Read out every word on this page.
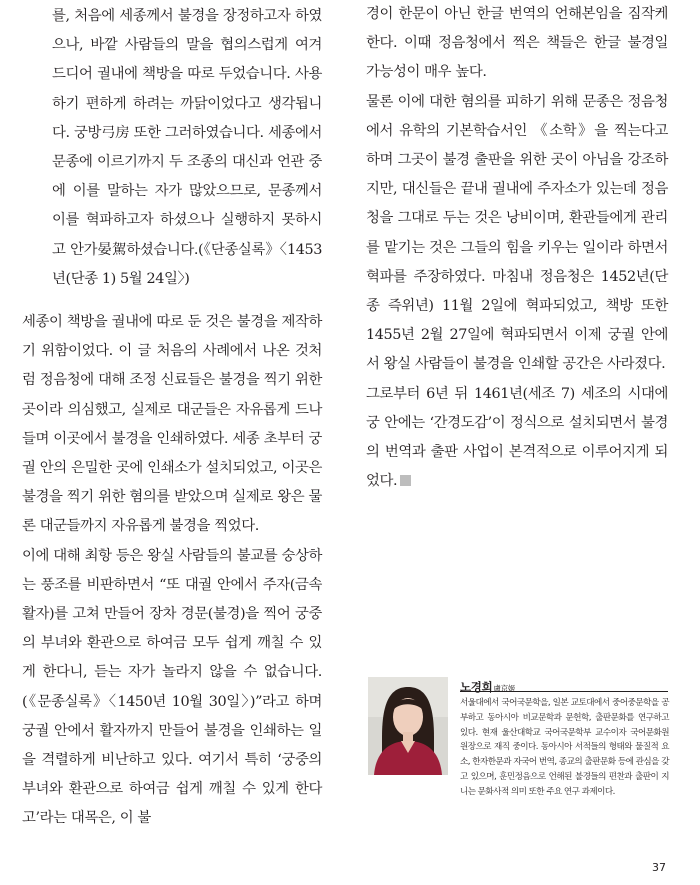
를, 처음에 세종께서 불경을 장정하고자 하였으나, 바깥 사람들의 말을 협의스럽게 여겨 드디어 궐내에 책방을 따로 두었습니다. 사용하기 편하게 하려는 까닭이었다고 생각됩니다. 궁방弓房 또한 그러하였습니다. 세종에서 문종에 이르기까지 두 조종의 대신과 언관 중에 이를 말하는 자가 많았으므로, 문종께서 이를 혁파하고자 하셨으나 실행하지 못하시고 안가晏駕하셨습니다.(《단종실록》〈1453년(단종 1) 5월 24일〉)

세종이 책방을 궐내에 따로 둔 것은 불경을 제작하기 위함이었다. 이 글 처음의 사례에서 나온 것처럼 정음청에 대해 조정 신료들은 불경을 찍기 위한 곳이라 의심했고, 실제로 대군들은 자유롭게 드나들며 이곳에서 불경을 인쇄하였다. 세종 초부터 궁궐 안의 은밀한 곳에 인쇄소가 설치되었고, 이곳은 불경을 찍기 위한 혐의를 받았으며 실제로 왕은 물론 대군들까지 자유롭게 불경을 찍었다.

이에 대해 최항 등은 왕실 사람들의 불교를 숭상하는 풍조를 비판하면서 “또 대궐 안에서 주자(금속활자)를 고쳐 만들어 장차 경문(불경)을 찍어 궁중의 부녀와 환관으로 하여금 모두 쉽게 깨칠 수 있게 한다니, 듣는 자가 놀라지 않을 수 없습니다.(《문종실록》〈1450년 10월 30일〉)”라고 하며 궁궐 안에서 활자까지 만들어 불경을 인쇄하는 일을 격렬하게 비난하고 있다. 여기서 특히 ‘궁중의 부녀와 환관으로 하여금 쉽게 깨칠 수 있게 한다고’라는 대목은, 이 불

경이 한문이 아닌 한글 번역의 언해본임을 짐작케 한다. 이때 정음청에서 찍은 책들은 한글 불경일 가능성이 매우 높다.

물론 이에 대한 혐의를 피하기 위해 문종은 정음청에서 유학의 기본학습서인 《소학》을 찍는다고 하며 그곳이 불경 출판을 위한 곳이 아님을 강조하지만, 대신들은 끝내 궐내에 주자소가 있는데 정음청을 그대로 두는 것은 낭비이며, 환관들에게 관리를 맡기는 것은 그들의 힘을 키우는 일이라 하면서 혁파를 주장하였다. 마침내 정음청은 1452년(단종 즉위년) 11월 2일에 혁파되었고, 책방 또한 1455년 2월 27일에 혁파되면서 이제 궁궐 안에서 왕실 사람들이 불경을 인쇄할 공간은 사라졌다.

그로부터 6년 뒤 1461년(세조 7) 세조의 시대에 궁 안에는 ‘간경도감’이 정식으로 설치되면서 불경의 번역과 출판 사업이 본격적으로 이루어지게 되었다.

노경희盧京姬

서울대에서 국어국문학을, 일본 교토대에서 중어중문학을 공부하고 동아시아 비교문학과 문헌학, 출판문화를 연구하고 있다. 현재 울산대학교 국어국문학부 교수이자 국어문화원 원장으로 재직 중이다. 동아시아 서적들의 형태와 물질적 요소, 한자한문과 자국어 번역, 종교의 출판문화 등에 관심을 갖고 있으며, 훈민정음으로 언해된 불경들의 편찬과 출판이 지니는 문화사적 의미 또한 주요 연구 과제이다.

37
